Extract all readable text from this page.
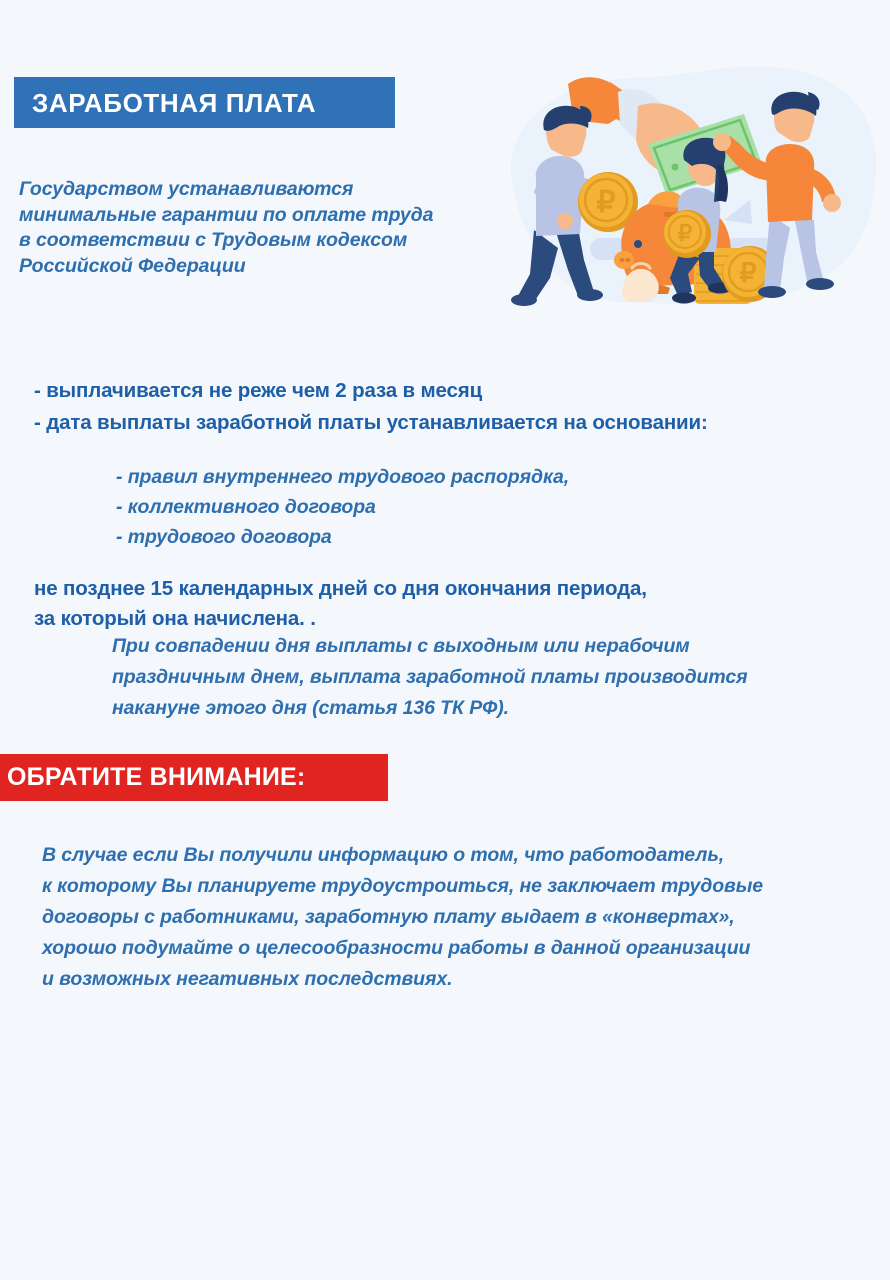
ЗАРАБОТНАЯ ПЛАТА
Государством устанавливаются
минимальные гарантии по оплате труда
в соответствии с Трудовым кодексом
Российской Федерации
₽
₽
₽
- выплачивается не реже чем 2 раза в месяц
- дата выплаты заработной платы устанавливается на основании:
- правил внутреннего трудового распорядка,
- коллективного договора
- трудового договора
не позднее 15 календарных дней со дня окончания периода,
за который она начислена. .
При совпадении дня выплаты с выходным или нерабочим
праздничным днем, выплата заработной платы производится
накануне этого дня (статья 136 ТК РФ).
ОБРАТИТЕ ВНИМАНИЕ:
В случае если Вы получили информацию о том, что работодатель,
к которому Вы планируете трудоустроиться, не заключает трудовые
договоры с работниками, заработную плату выдает в «конвертах»,
хорошо подумайте о целесообразности работы в данной организации
и возможных негативных последствиях.
